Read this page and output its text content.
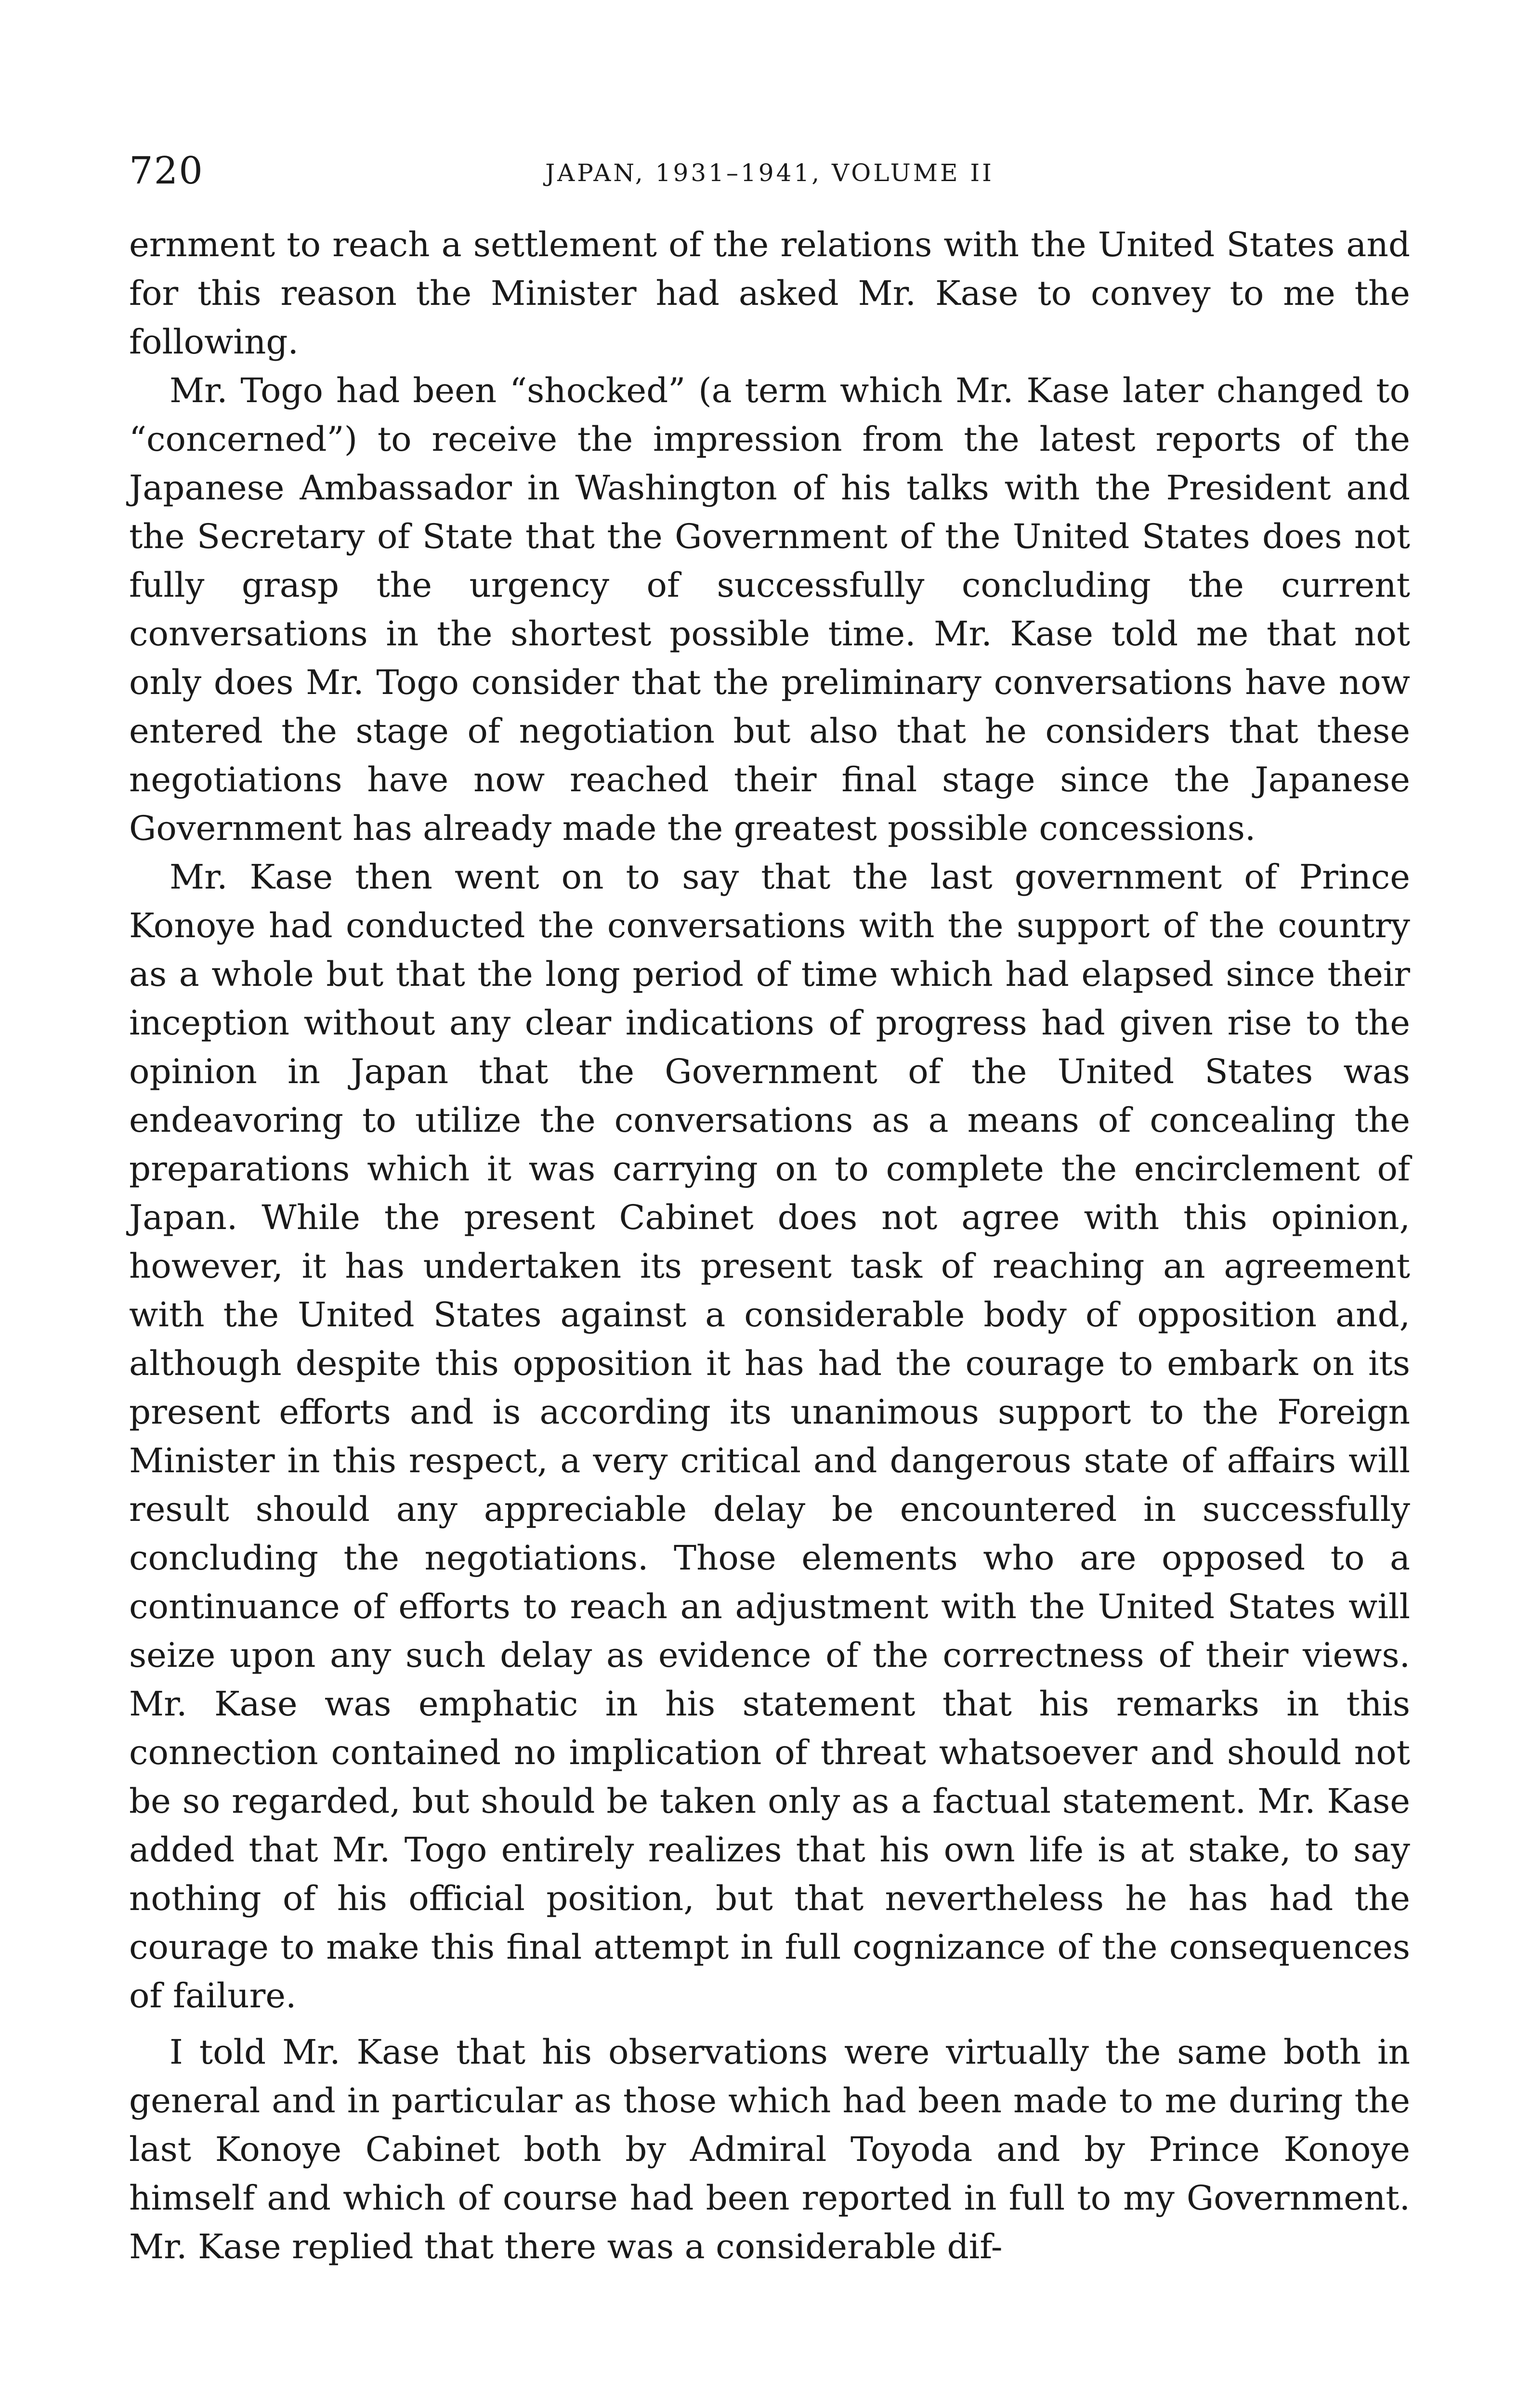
720	JAPAN, 1931–1941, VOLUME II

ernment to reach a settlement of the relations with the United States and for this reason the Minister had asked Mr. Kase to convey to me the following.

Mr. Togo had been “shocked” (a term which Mr. Kase later changed to “concerned”) to receive the impression from the latest reports of the Japanese Ambassador in Washington of his talks with the President and the Secretary of State that the Government of the United States does not fully grasp the urgency of successfully concluding the current conversations in the shortest possible time. Mr. Kase told me that not only does Mr. Togo consider that the preliminary conversations have now entered the stage of negotiation but also that he considers that these negotiations have now reached their final stage since the Japanese Government has already made the greatest possible concessions.

Mr. Kase then went on to say that the last government of Prince Konoye had conducted the conversations with the support of the country as a whole but that the long period of time which had elapsed since their inception without any clear indications of progress had given rise to the opinion in Japan that the Government of the United States was endeavoring to utilize the conversations as a means of concealing the preparations which it was carrying on to complete the encirclement of Japan. While the present Cabinet does not agree with this opinion, however, it has undertaken its present task of reaching an agreement with the United States against a considerable body of opposition and, although despite this opposition it has had the courage to embark on its present efforts and is according its unanimous support to the Foreign Minister in this respect, a very critical and dangerous state of affairs will result should any appreciable delay be encountered in successfully concluding the negotiations. Those elements who are opposed to a continuance of efforts to reach an adjustment with the United States will seize upon any such delay as evidence of the correctness of their views. Mr. Kase was emphatic in his statement that his remarks in this connection contained no implication of threat whatsoever and should not be so regarded, but should be taken only as a factual statement. Mr. Kase added that Mr. Togo entirely realizes that his own life is at stake, to say nothing of his official position, but that nevertheless he has had the courage to make this final attempt in full cognizance of the consequences of failure.

I told Mr. Kase that his observations were virtually the same both in general and in particular as those which had been made to me during the last Konoye Cabinet both by Admiral Toyoda and by Prince Konoye himself and which of course had been reported in full to my Government. Mr. Kase replied that there was a considerable dif-
